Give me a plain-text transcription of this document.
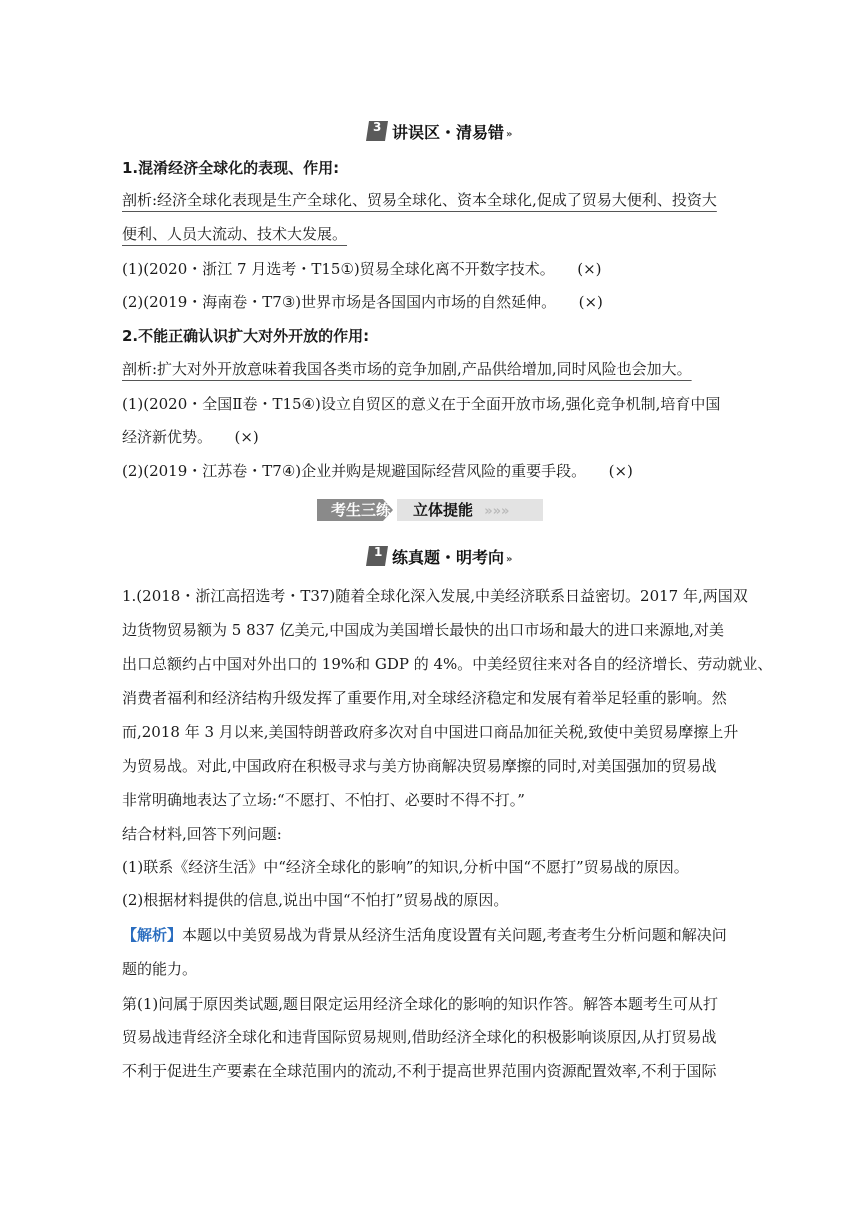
3 讲误区・清易错 »
1.混淆经济全球化的表现、作用:
剖析:经济全球化表现是生产全球化、贸易全球化、资本全球化,促成了贸易大便利、投资大
便利、人员大流动、技术大发展。
(1)(2020・浙江 7 月选考・T15①)贸易全球化离不开数字技术。　　(×)
(2)(2019・海南卷・T7③)世界市场是各国国内市场的自然延伸。　　(×)
2.不能正确认识扩大对外开放的作用:
剖析:扩大对外开放意味着我国各类市场的竞争加剧,产品供给增加,同时风险也会加大。
(1)(2020・全国Ⅱ卷・T15④)设立自贸区的意义在于全面开放市场,强化竞争机制,培育中国
经济新优势。　　(×)
(2)(2019・江苏卷・T7④)企业并购是规避国际经营风险的重要手段。　　(×)
考生三练	立体提能 »»»
1 练真题・明考向 »
1.(2018・浙江高招选考・T37)随着全球化深入发展,中美经济联系日益密切。2017 年,两国双
边货物贸易额为 5 837 亿美元,中国成为美国增长最快的出口市场和最大的进口来源地,对美
出口总额约占中国对外出口的 19%和 GDP 的 4%。中美经贸往来对各自的经济增长、劳动就业、
消费者福利和经济结构升级发挥了重要作用,对全球经济稳定和发展有着举足轻重的影响。然
而,2018 年 3 月以来,美国特朗普政府多次对自中国进口商品加征关税,致使中美贸易摩擦上升
为贸易战。对此,中国政府在积极寻求与美方协商解决贸易摩擦的同时,对美国强加的贸易战
非常明确地表达了立场:“不愿打、不怕打、必要时不得不打。”
结合材料,回答下列问题:
(1)联系《经济生活》中“经济全球化的影响”的知识,分析中国“不愿打”贸易战的原因。
(2)根据材料提供的信息,说出中国“不怕打”贸易战的原因。
【解析】本题以中美贸易战为背景从经济生活角度设置有关问题,考查考生分析问题和解决问
题的能力。
第(1)问属于原因类试题,题目限定运用经济全球化的影响的知识作答。解答本题考生可从打
贸易战违背经济全球化和违背国际贸易规则,借助经济全球化的积极影响谈原因,从打贸易战
不利于促进生产要素在全球范围内的流动,不利于提高世界范围内资源配置效率,不利于国际
